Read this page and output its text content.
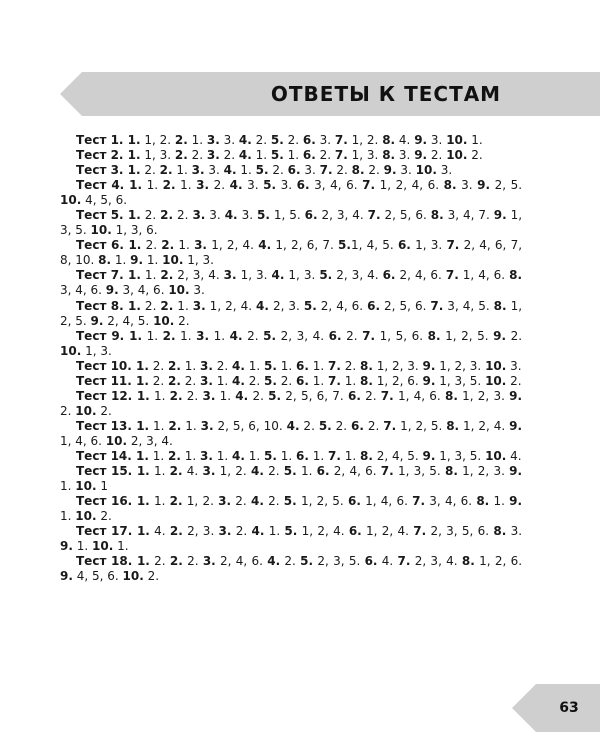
ОТВЕТЫ К ТЕСТАМ

Тест 1. 1. 1, 2. 2. 1. 3. 3. 4. 2. 5. 2. 6. 3. 7. 1, 2. 8. 4. 9. 3. 10. 1.

Тест 2. 1. 1, 3. 2. 2. 3. 2. 4. 1. 5. 1. 6. 2. 7. 1, 3. 8. 3. 9. 2. 10. 2.

Тест 3. 1. 2. 2. 1. 3. 3. 4. 1. 5. 2. 6. 3. 7. 2. 8. 2. 9. 3. 10. 3.

Тест 4. 1. 1. 2. 1. 3. 2. 4. 3. 5. 3. 6. 3, 4, 6. 7. 1, 2, 4, 6. 8. 3. 9. 2, 5. 10. 4, 5, 6.

Тест 5. 1. 2. 2. 2. 3. 3. 4. 3. 5. 1, 5. 6. 2, 3, 4. 7. 2, 5, 6. 8. 3, 4, 7. 9. 1, 3, 5. 10. 1, 3, 6.

Тест 6. 1. 2. 2. 1. 3. 1, 2, 4. 4. 1, 2, 6, 7. 5.1, 4, 5. 6. 1, 3. 7. 2, 4, 6, 7, 8, 10. 8. 1. 9. 1. 10. 1, 3.

Тест 7. 1. 1. 2. 2, 3, 4. 3. 1, 3. 4. 1, 3. 5. 2, 3, 4. 6. 2, 4, 6. 7. 1, 4, 6. 8. 3, 4, 6. 9. 3, 4, 6. 10. 3.

Тест 8. 1. 2. 2. 1. 3. 1, 2, 4. 4. 2, 3. 5. 2, 4, 6. 6. 2, 5, 6. 7. 3, 4, 5. 8. 1, 2, 5. 9. 2, 4, 5. 10. 2.

Тест 9. 1. 1. 2. 1. 3. 1. 4. 2. 5. 2, 3, 4. 6. 2. 7. 1, 5, 6. 8. 1, 2, 5. 9. 2. 10. 1, 3.

Тест 10. 1. 2. 2. 1. 3. 2. 4. 1. 5. 1. 6. 1. 7. 2. 8. 1, 2, 3. 9. 1, 2, 3. 10. 3.

Тест 11. 1. 2. 2. 2. 3. 1. 4. 2. 5. 2. 6. 1. 7. 1. 8. 1, 2, 6. 9. 1, 3, 5. 10. 2.

Тест 12. 1. 1. 2. 2. 3. 1. 4. 2. 5. 2, 5, 6, 7. 6. 2. 7. 1, 4, 6. 8. 1, 2, 3. 9. 2. 10. 2.

Тест 13. 1. 1. 2. 1. 3. 2, 5, 6, 10. 4. 2. 5. 2. 6. 2. 7. 1, 2, 5. 8. 1, 2, 4. 9. 1, 4, 6. 10. 2, 3, 4.

Тест 14. 1. 1. 2. 1. 3. 1. 4. 1. 5. 1. 6. 1. 7. 1. 8. 2, 4, 5. 9. 1, 3, 5. 10. 4.

Тест 15. 1. 1. 2. 4. 3. 1, 2. 4. 2. 5. 1. 6. 2, 4, 6. 7. 1, 3, 5. 8. 1, 2, 3. 9. 1. 10. 1

Тест 16. 1. 1. 2. 1, 2. 3. 2. 4. 2. 5. 1, 2, 5. 6. 1, 4, 6. 7. 3, 4, 6. 8. 1. 9. 1. 10. 2.

Тест 17. 1. 4. 2. 2, 3. 3. 2. 4. 1. 5. 1, 2, 4. 6. 1, 2, 4. 7. 2, 3, 5, 6. 8. 3. 9. 1. 10. 1.

Тест 18. 1. 2. 2. 2. 3. 2, 4, 6. 4. 2. 5. 2, 3, 5. 6. 4. 7. 2, 3, 4. 8. 1, 2, 6. 9. 4, 5, 6. 10. 2.

63
